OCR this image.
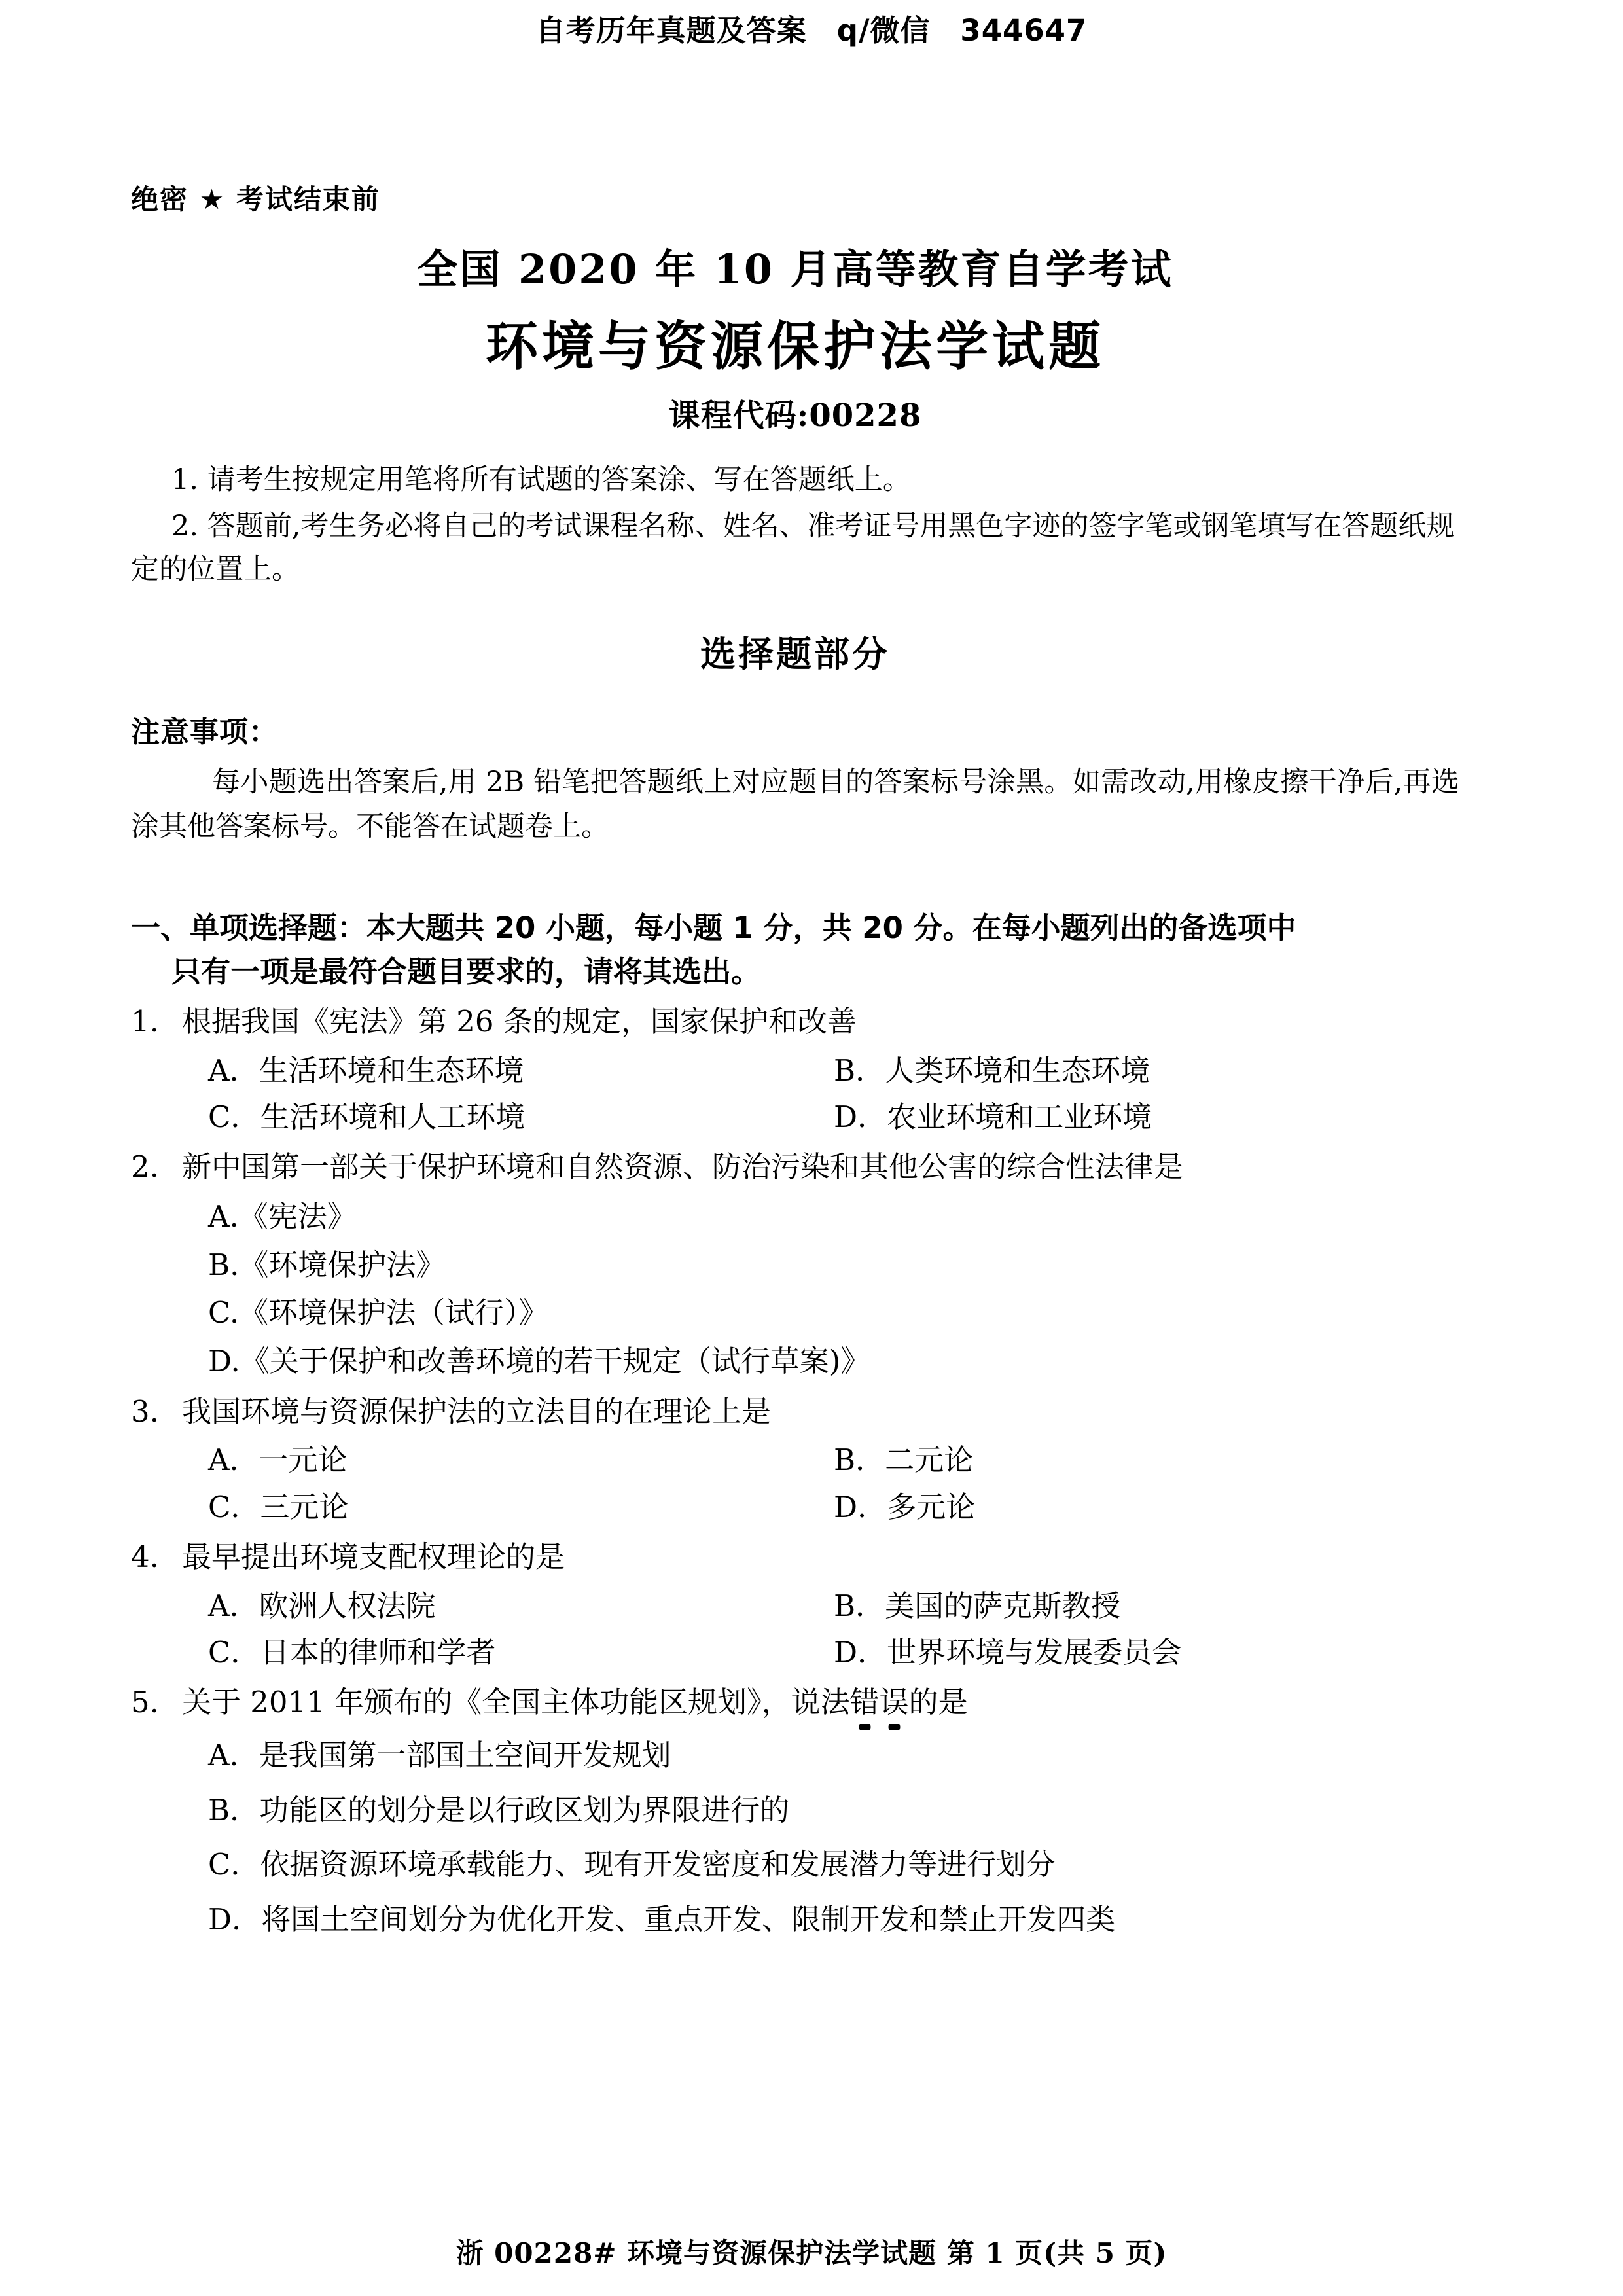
自考历年真题及答案　q/微信　344647
绝密 ★ 考试结束前
全国 2020 年 10 月高等教育自学考试
环境与资源保护法学试题
课程代码:00228
1. 请考生按规定用笔将所有试题的答案涂、写在答题纸上。
2. 答题前,考生务必将自己的考试课程名称、姓名、准考证号用黑色字迹的签字笔或钢笔填写在答题纸规定的位置上。
选择题部分
注意事项：
每小题选出答案后,用 2B 铅笔把答题纸上对应题目的答案标号涂黑。如需改动,用橡皮擦干净后,再选涂其他答案标号。不能答在试题卷上。
一、单项选择题：本大题共 20 小题，每小题 1 分，共 20 分。在每小题列出的备选项中
只有一项是最符合题目要求的，请将其选出。
1. 根据我国《宪法》第 26 条的规定，国家保护和改善
A．生活环境和生态环境	B．人类环境和生态环境
C．生活环境和人工环境	D．农业环境和工业环境
2. 新中国第一部关于保护环境和自然资源、防治污染和其他公害的综合性法律是
A.《宪法》
B.《环境保护法》
C.《环境保护法（试行）》
D.《关于保护和改善环境的若干规定（试行草案)》
3. 我国环境与资源保护法的立法目的在理论上是
A．一元论	B．二元论
C．三元论	D．多元论
4. 最早提出环境支配权理论的是
A．欧洲人权法院	B．美国的萨克斯教授
C．日本的律师和学者	D．世界环境与发展委员会
5. 关于 2011 年颁布的《全国主体功能区规划》，说法错误的是
A．是我国第一部国土空间开发规划
B．功能区的划分是以行政区划为界限进行的
C．依据资源环境承载能力、现有开发密度和发展潜力等进行划分
D．将国土空间划分为优化开发、重点开发、限制开发和禁止开发四类
浙 00228# 环境与资源保护法学试题 第 1 页(共 5 页)
